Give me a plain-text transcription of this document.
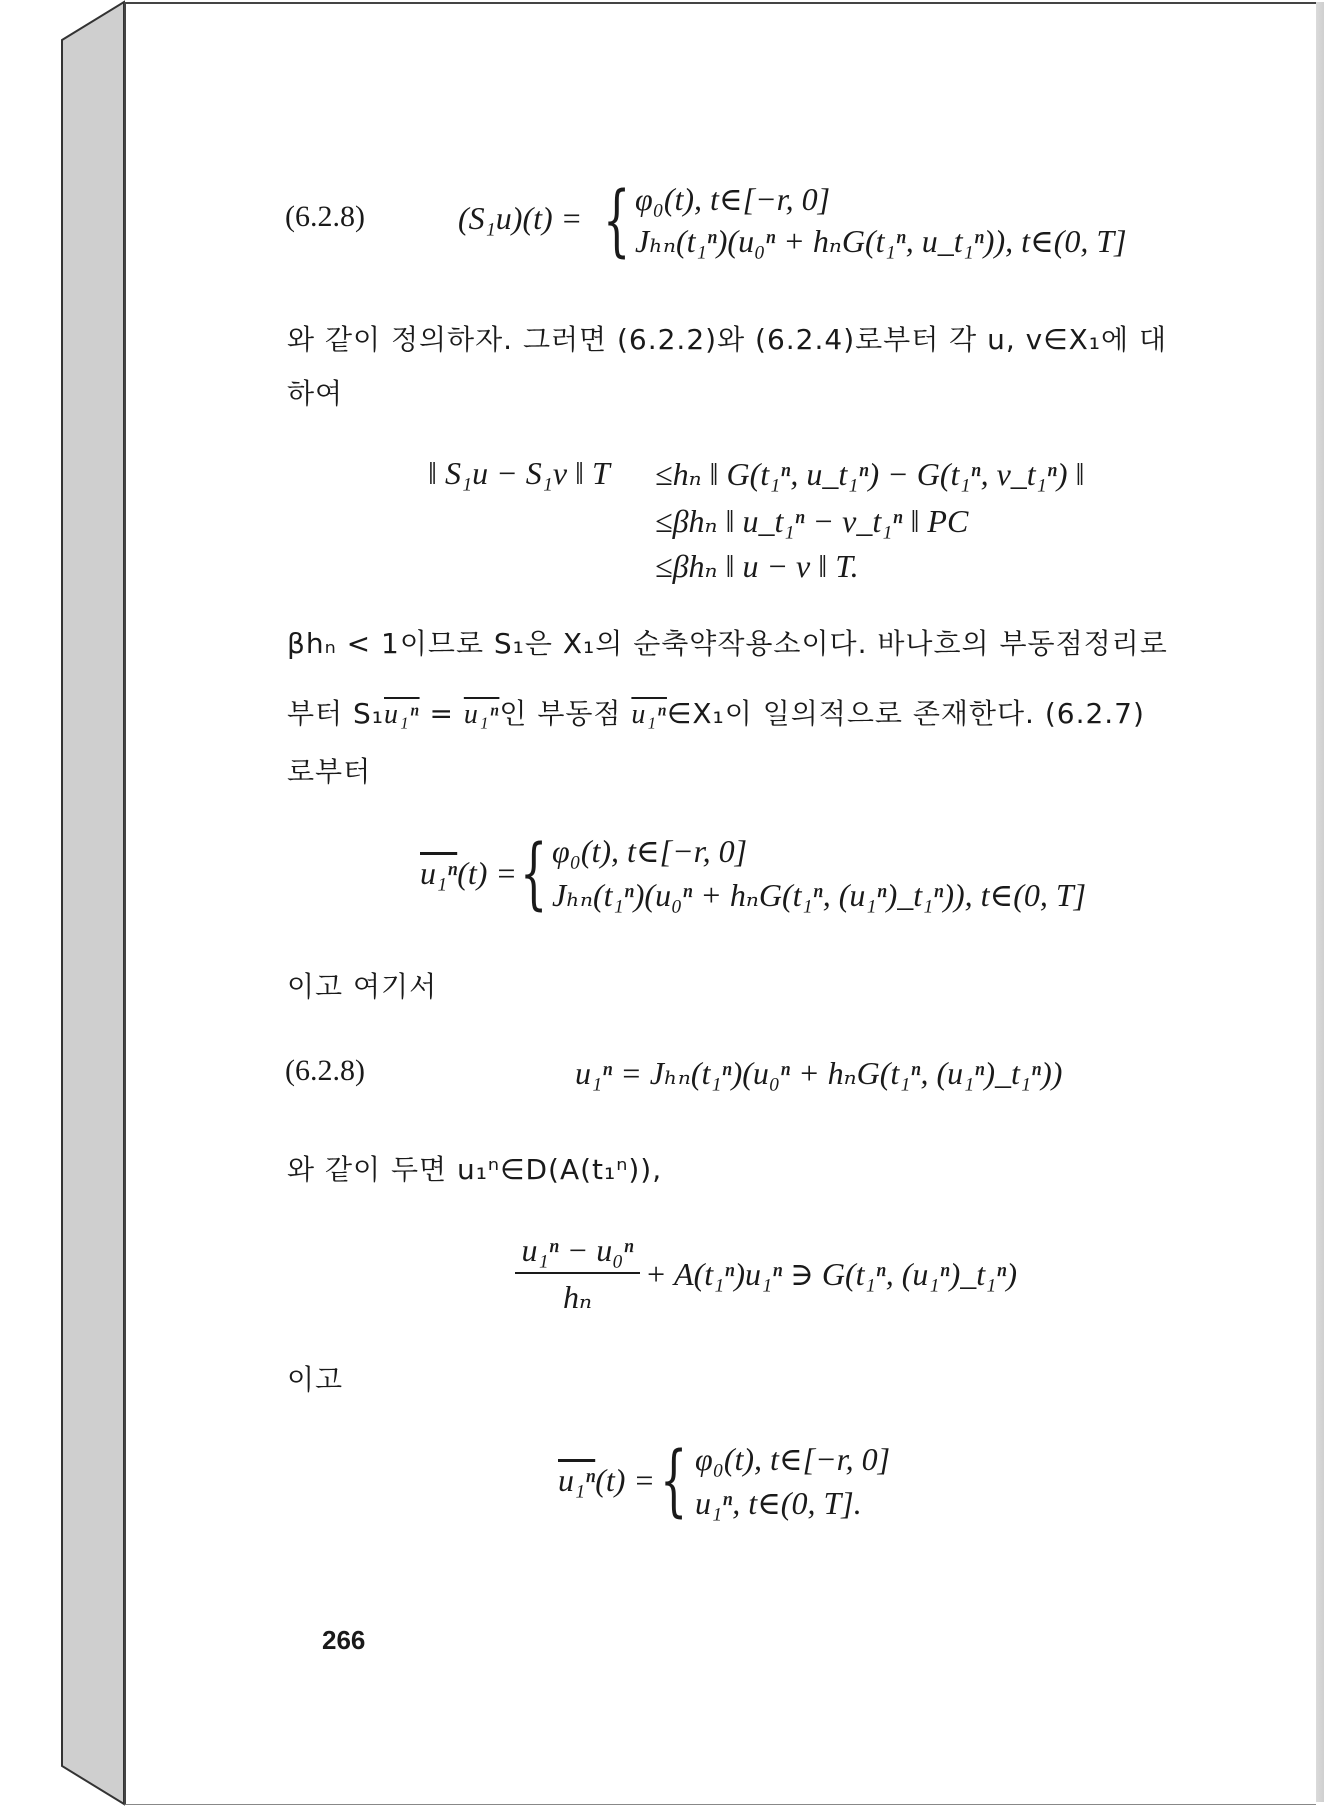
(6.2.8)	(S₁u)(t) = { φ₀(t), t∈[−r, 0]
Jₕₙ(t₁ⁿ)(u₀ⁿ + hₙG(t₁ⁿ, u_t₁ⁿ)), t∈(0, T]
와 같이 정의하자. 그러면 (6.2.2)와 (6.2.4)로부터 각 u, v∈X₁에 대
하여
‖ S₁u − S₁v ‖ T ≤hₙ ‖ G(t₁ⁿ, u_t₁ⁿ) − G(t₁ⁿ, v_t₁ⁿ) ‖
≤βhₙ ‖ u_t₁ⁿ − v_t₁ⁿ ‖ PC
≤βhₙ ‖ u − v ‖ T.
βhₙ < 1이므로 S₁은 X₁의 순축약작용소이다. 바나흐의 부동점정리로
부터 S₁u₁ⁿ = u₁ⁿ인 부동점 u₁ⁿ∈X₁이 일의적으로 존재한다. (6.2.7)
로부터
u₁ⁿ(t) = { φ₀(t), t∈[−r, 0]
Jₕₙ(t₁ⁿ)(u₀ⁿ + hₙG(t₁ⁿ, (u₁ⁿ)_t₁ⁿ)), t∈(0, T]
이고 여기서
(6.2.8)	u₁ⁿ = Jₕₙ(t₁ⁿ)(u₀ⁿ + hₙG(t₁ⁿ, (u₁ⁿ)_t₁ⁿ))
와 같이 두면 u₁ⁿ∈D(A(t₁ⁿ)),
u₁ⁿ − u₀ⁿ
hₙ
+ A(t₁ⁿ)u₁ⁿ ∋ G(t₁ⁿ, (u₁ⁿ)_t₁ⁿ)
이고
u₁ⁿ(t) = { φ₀(t), t∈[−r, 0]
u₁ⁿ, t∈(0, T].
266
